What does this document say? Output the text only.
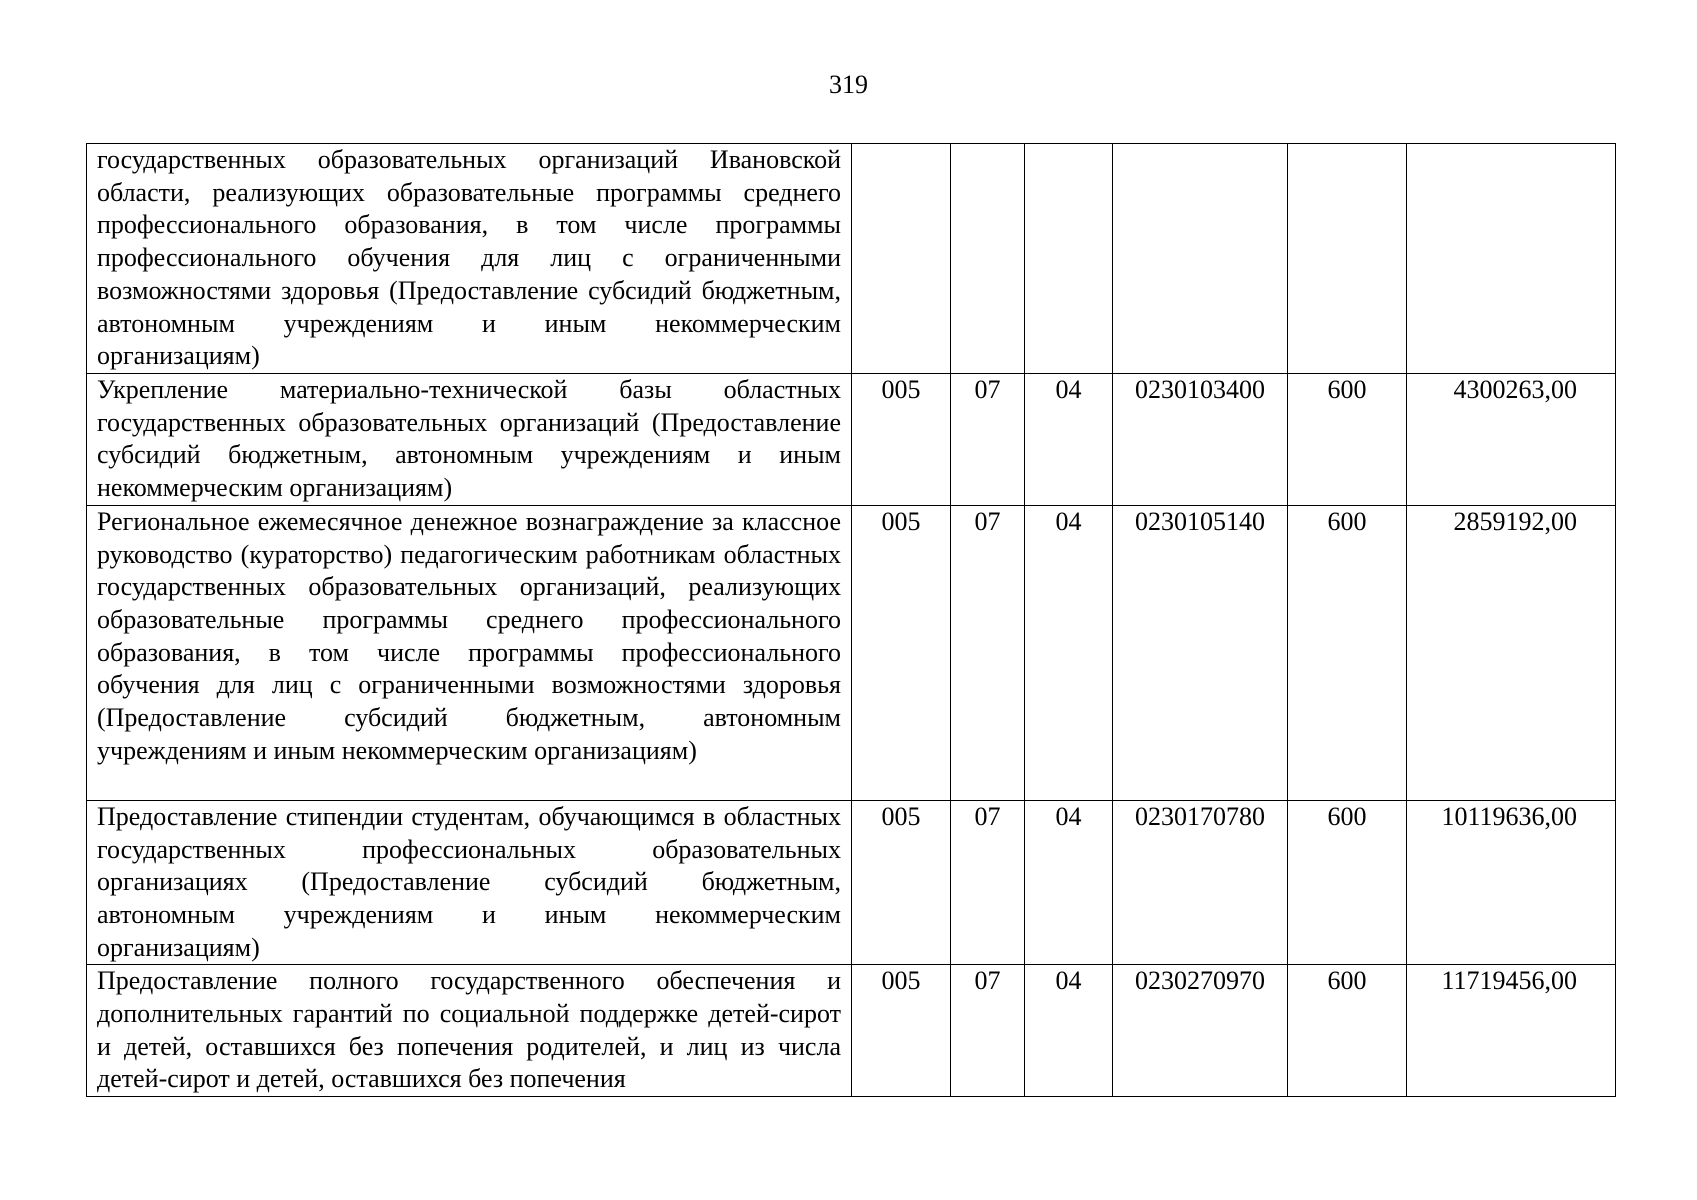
319
государственных образовательных организаций Ивановской области, реализующих образовательные программы среднего профессионального образования, в том числе программы профессионального обучения для лиц с ограниченными возможностями здоровья (Предоставление субсидий бюджетным, автономным учреждениям и иным некоммерческим организациям)						

Укрепление материально-технической базы областных государственных образовательных организаций (Предоставление субсидий бюджетным, автономным учреждениям и иным некоммерческим организациям)	005	07	04	0230103400	600	4300263,00

Региональное ежемесячное денежное вознаграждение за классное руководство (кураторство) педагогическим работникам областных государственных образовательных организаций, реализующих образовательные программы среднего профессионального образования, в том числе программы профессионального обучения для лиц с ограниченными возможностями здоровья (Предоставление субсидий бюджетным, автономным учреждениям и иным некоммерческим организациям)	005	07	04	0230105140	600	2859192,00

Предоставление стипендии студентам, обучающимся в областных государственных профессиональных образовательных организациях (Предоставление субсидий бюджетным, автономным учреждениям и иным некоммерческим организациям)	005	07	04	0230170780	600	10119636,00

Предоставление полного государственного обеспечения и дополнительных гарантий по социальной поддержке детей-сирот и детей, оставшихся без попечения родителей, и лиц из числа детей-сирот и детей, оставшихся без попечения	005	07	04	0230270970	600	11719456,00
